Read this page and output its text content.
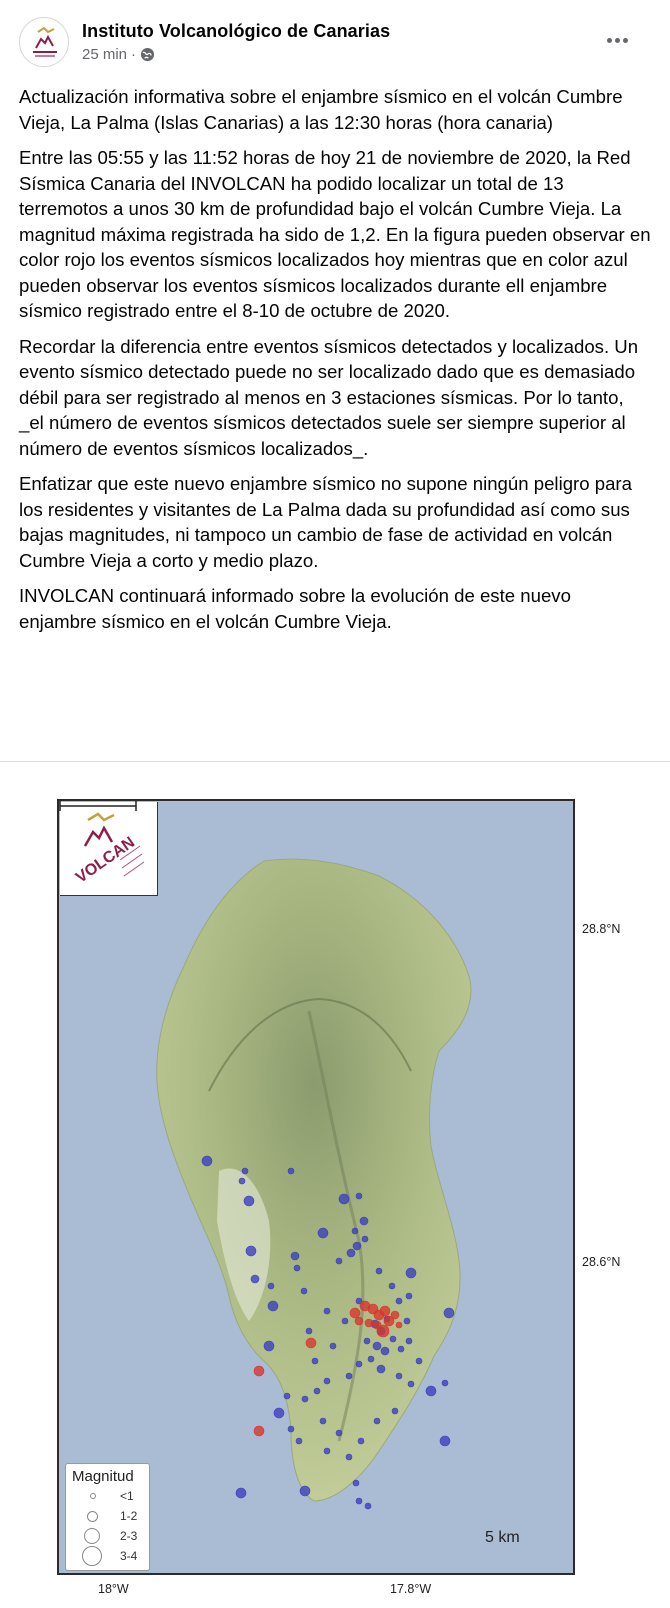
Instituto Volcanológico de Canarias
25 min ·

Actualización informativa sobre el enjambre sísmico en el volcán Cumbre Vieja, La Palma (Islas Canarias) a las 12:30 horas (hora canaria)

Entre las 05:55 y las 11:52 horas de hoy 21 de noviembre de 2020, la Red Sísmica Canaria del INVOLCAN ha podido localizar un total de 13 terremotos a unos 30 km de profundidad bajo el volcán Cumbre Vieja. La magnitud máxima registrada ha sido de 1,2. En la figura pueden observar en color rojo los eventos sísmicos localizados hoy mientras que en color azul pueden observar los eventos sísmicos localizados durante ell enjambre sísmico registrado entre el 8-10 de octubre de 2020.

Recordar la diferencia entre eventos sísmicos detectados y localizados. Un evento sísmico detectado puede no ser localizado dado que es demasiado débil para ser registrado al menos en 3 estaciones sísmicas. Por lo tanto, _el número de eventos sísmicos detectados suele ser siempre superior al número de eventos sísmicos localizados_.

Enfatizar que este nuevo enjambre sísmico no supone ningún peligro para los residentes y visitantes de La Palma dada su profundidad así como sus bajas magnitudes, ni tampoco un cambio de fase de actividad en volcán Cumbre Vieja a corto y medio plazo.

INVOLCAN continuará informado sobre la evolución de este nuevo enjambre sísmico en el volcán Cumbre Vieja.

VOLCAN
Magnitud
<1
1-2
2-3
3-4
5 km
28.8°N
28.6°N
18°W	17.8°W
